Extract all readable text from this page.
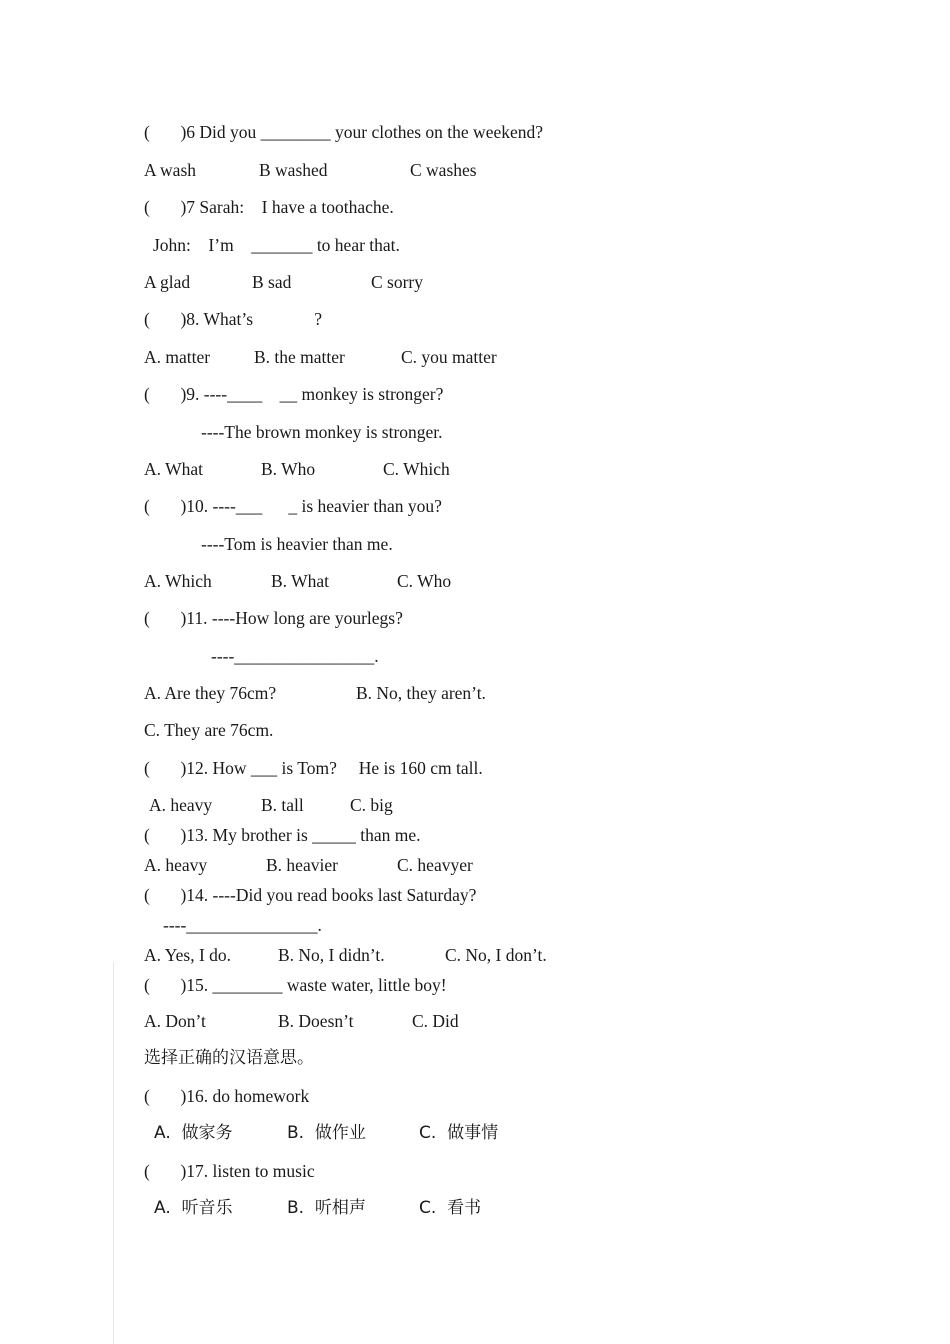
(       )6 Did you ________ your clothes on the weekend?
A wash	B washed	C washes
(       )7 Sarah:    I have a toothache.
John:    I’m    _______ to hear that.
A glad	B sad	C sorry
(       )8. What’s              ?
A. matter	B. the matter	C. you matter
(       )9. ----____    __ monkey is stronger?
----The brown monkey is stronger.
A. What	B. Who	C. Which
(       )10. ----___      _ is heavier than you?
----Tom is heavier than me.
A. Which	B. What	C. Who
(       )11. ----How long are yourlegs?
----________________.
A. Are they 76cm?	B. No, they aren’t.
C. They are 76cm.
(       )12. How ___ is Tom?     He is 160 cm tall.
A. heavy	B. tall	C. big
(       )13. My brother is _____ than me.
A. heavy	B. heavier	C. heavyer
(       )14. ----Did you read books last Saturday?
----_______________.
A. Yes, I do.	B. No, I didn’t.	C. No, I don’t.
(       )15. ________ waste water, little boy!
A. Don’t	B. Doesn’t	C. Did
选择正确的汉语意思。
(       )16. do homework
A.  做家务	B.  做作业	C.  做事情
(       )17. listen to music
A.  听音乐	B.  听相声	C.  看书
